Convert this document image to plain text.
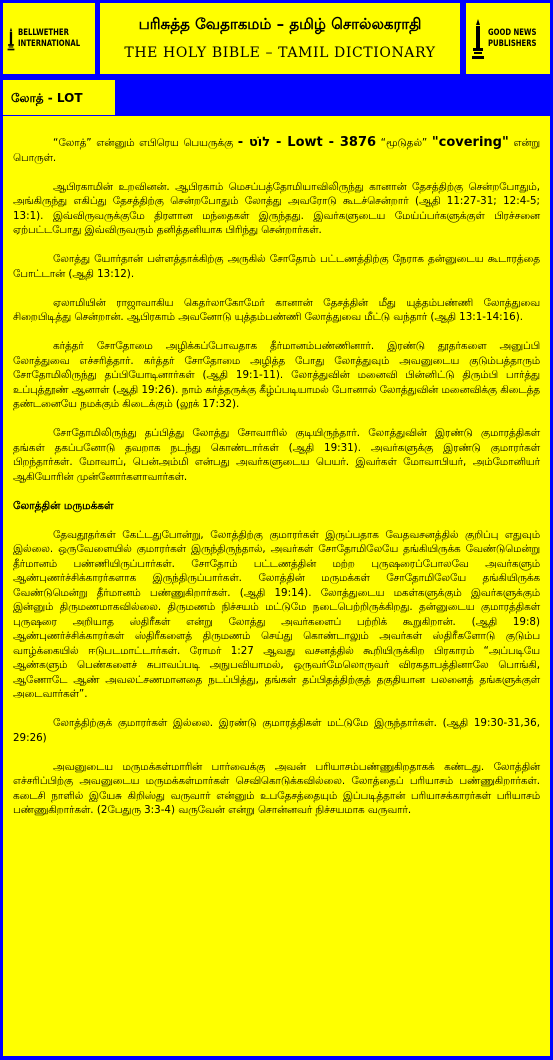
BELLWETHER
INTERNATIONAL
பரிசுத்த வேதாகமம் – தமிழ் சொல்லகராதி
THE HOLY BIBLE – TAMIL DICTIONARY
GOOD NEWS
PUBLISHERS
லோத் - LOT

“லோத்” என்னும் எபிரெய பெயருக்கு - לוֹט - Lowt - 3876 “மூடுதல்” "covering" என்று பொருள்.

ஆபிரகாமின் உறவினன். ஆபிரகாம் மெசப்பத்தோமியாவிலிருந்து கானான் தேசத்திற்கு சென்றபோதும், அங்கிருந்து எகிப்து தேசத்திற்கு சென்றபோதும் லோத்து அவரோடு கூடச்சென்றார் (ஆதி 11:27-31; 12:4-5; 13:1). இவ்விருவருக்குமே திரளான மந்தைகள் இருந்தது. இவர்களுடைய மேய்ப்பர்களுக்குள் பிரச்சனை ஏற்பட்டபோது இவ்விருவரும் தனித்தனியாக பிரிந்து சென்றார்கள்.

லோத்து யோர்தான் பள்ளத்தாக்கிற்கு அருகில் சோதோம் பட்டணத்திற்கு நேராக தன்னுடைய கூடாரத்தை போட்டான் (ஆதி 13:12).

ஏலாமியின் ராஜாவாகிய கெதர்லாகோமேர் கானான் தேசத்தின் மீது யுத்தம்பண்ணி லோத்துவை சிறைபிடித்து சென்றான். ஆபிரகாம் அவனோடு யுத்தம்பண்ணி லோத்துவை மீட்டு வந்தார் (ஆதி 13:1-14:16).

கர்த்தர் சோதோமை அழிக்கப்போவதாக தீர்மானம்பண்ணினார். இரண்டு தூதர்களை அனுப்பி லோத்துவை எச்சரித்தார். கர்த்தர் சோதோமை அழித்த போது லோத்துவும் அவனுடைய குடும்பத்தாரும் சோதோமிலிருந்து தப்பியோடினார்கள் (ஆதி 19:1-11). லோத்துவின் மனைவி பின்னிட்டு திரும்பி பார்த்து உப்புத்தூண் ஆனாள் (ஆதி 19:26). நாம் கர்த்தருக்கு கீழ்ப்படியாமல் போனால் லோத்துவின் மனைவிக்கு கிடைத்த தண்டனையே நமக்கும் கிடைக்கும் (லூக் 17:32).

சோதோமிலிருந்து தப்பித்து லோத்து சோவாரில் குடியிருந்தார். லோத்துவின் இரண்டு குமாரத்திகள் தங்கள் தகப்பனோடு தவறாக நடந்து கொண்டார்கள் (ஆதி 19:31). அவர்களுக்கு இரண்டு குமாரர்கள் பிறந்தார்கள். மோவாப், பென்அம்மி என்பது அவர்களுடைய பெயர். இவர்கள் மோவாபியர், அம்மோனியர் ஆகியோரின் முன்னோர்களாவார்கள்.

லோத்தின் மருமக்கள்

தேவதூதர்கள் கேட்டதுபோன்று, லோத்திற்கு குமாரர்கள் இருப்பதாக வேதவசனத்தில் குறிப்பு எதுவும் இல்லை. ஒருவேளையில் குமாரர்கள் இருந்திருந்தால், அவர்கள் சோதோமிலேயே தங்கியிருக்க வேண்டுமென்று தீர்மானம் பண்ணியிருப்பார்கள். சோதோம் பட்டணத்தின் மற்ற புருஷரைப்போலவே அவர்களும் ஆண்புணர்ச்சிக்காரர்களாக இருந்திருப்பார்கள். லோத்தின் மருமக்கள் சோதோமிலேயே தங்கியிருக்க வேண்டுமென்று தீர்மானம் பண்ணுகிறார்கள். (ஆதி 19:14). லோத்துடைய மகள்களுக்கும் இவர்களுக்கும் இன்னும் திருமணமாகவில்லை. திருமணம் நிச்சயம் மட்டுமே நடைபெற்றிருக்கிறது. தன்னுடைய குமாரத்திகள் புருஷரை அறியாத ஸ்திரீகள் என்று லோத்து அவர்களைப் பற்றிக் கூறுகிறான். (ஆதி 19:8) ஆண்புணர்ச்சிக்காரர்கள் ஸ்திரீகளைத் திருமணம் செய்து கொண்டாலும் அவர்கள் ஸ்திரீகளோடு குடும்ப வாழ்க்கையில் ஈடுபடமாட்டார்கள். ரோமர் 1:27 ஆவது வசனத்தில் கூறியிருக்கிற பிரகாரம் “அப்படியே ஆண்களும் பெண்களைச் சுபாவப்படி அநுபவியாமல், ஒருவர்மேலொருவர் விரகதாபத்தினாலே பொங்கி, ஆணோடே ஆண் அவலட்சணமானதை நடப்பித்து, தங்கள் தப்பிதத்திற்குத் தகுதியான பலனைத் தங்களுக்குள் அடைவார்கள்”.

லோத்திற்குக் குமாரர்கள் இல்லை. இரண்டு குமாரத்திகள் மட்டுமே இருந்தார்கள். (ஆதி 19:30-31,36, 29:26)

அவனுடைய மருமக்கள்மாரின் பார்வைக்கு அவன் பரியாசம்பண்ணுகிறதாகக் கண்டது. லோத்தின் எச்சரிப்பிற்கு அவனுடைய மருமக்கள்மார்கள் செவிகொடுக்கவில்லை. லோத்தைப் பரியாசம் பண்ணுகிறார்கள். கடைசி நாளில் இயேசு கிறிஸ்து வருவார் என்னும் உபதேசத்தையும் இப்படித்தான் பரியாசக்காரர்கள் பரியாசம் பண்ணுகிறார்கள். (2பேதுரு 3:3-4) வருவேன் என்று சொன்னவர் நிச்சயமாக வருவார்.
